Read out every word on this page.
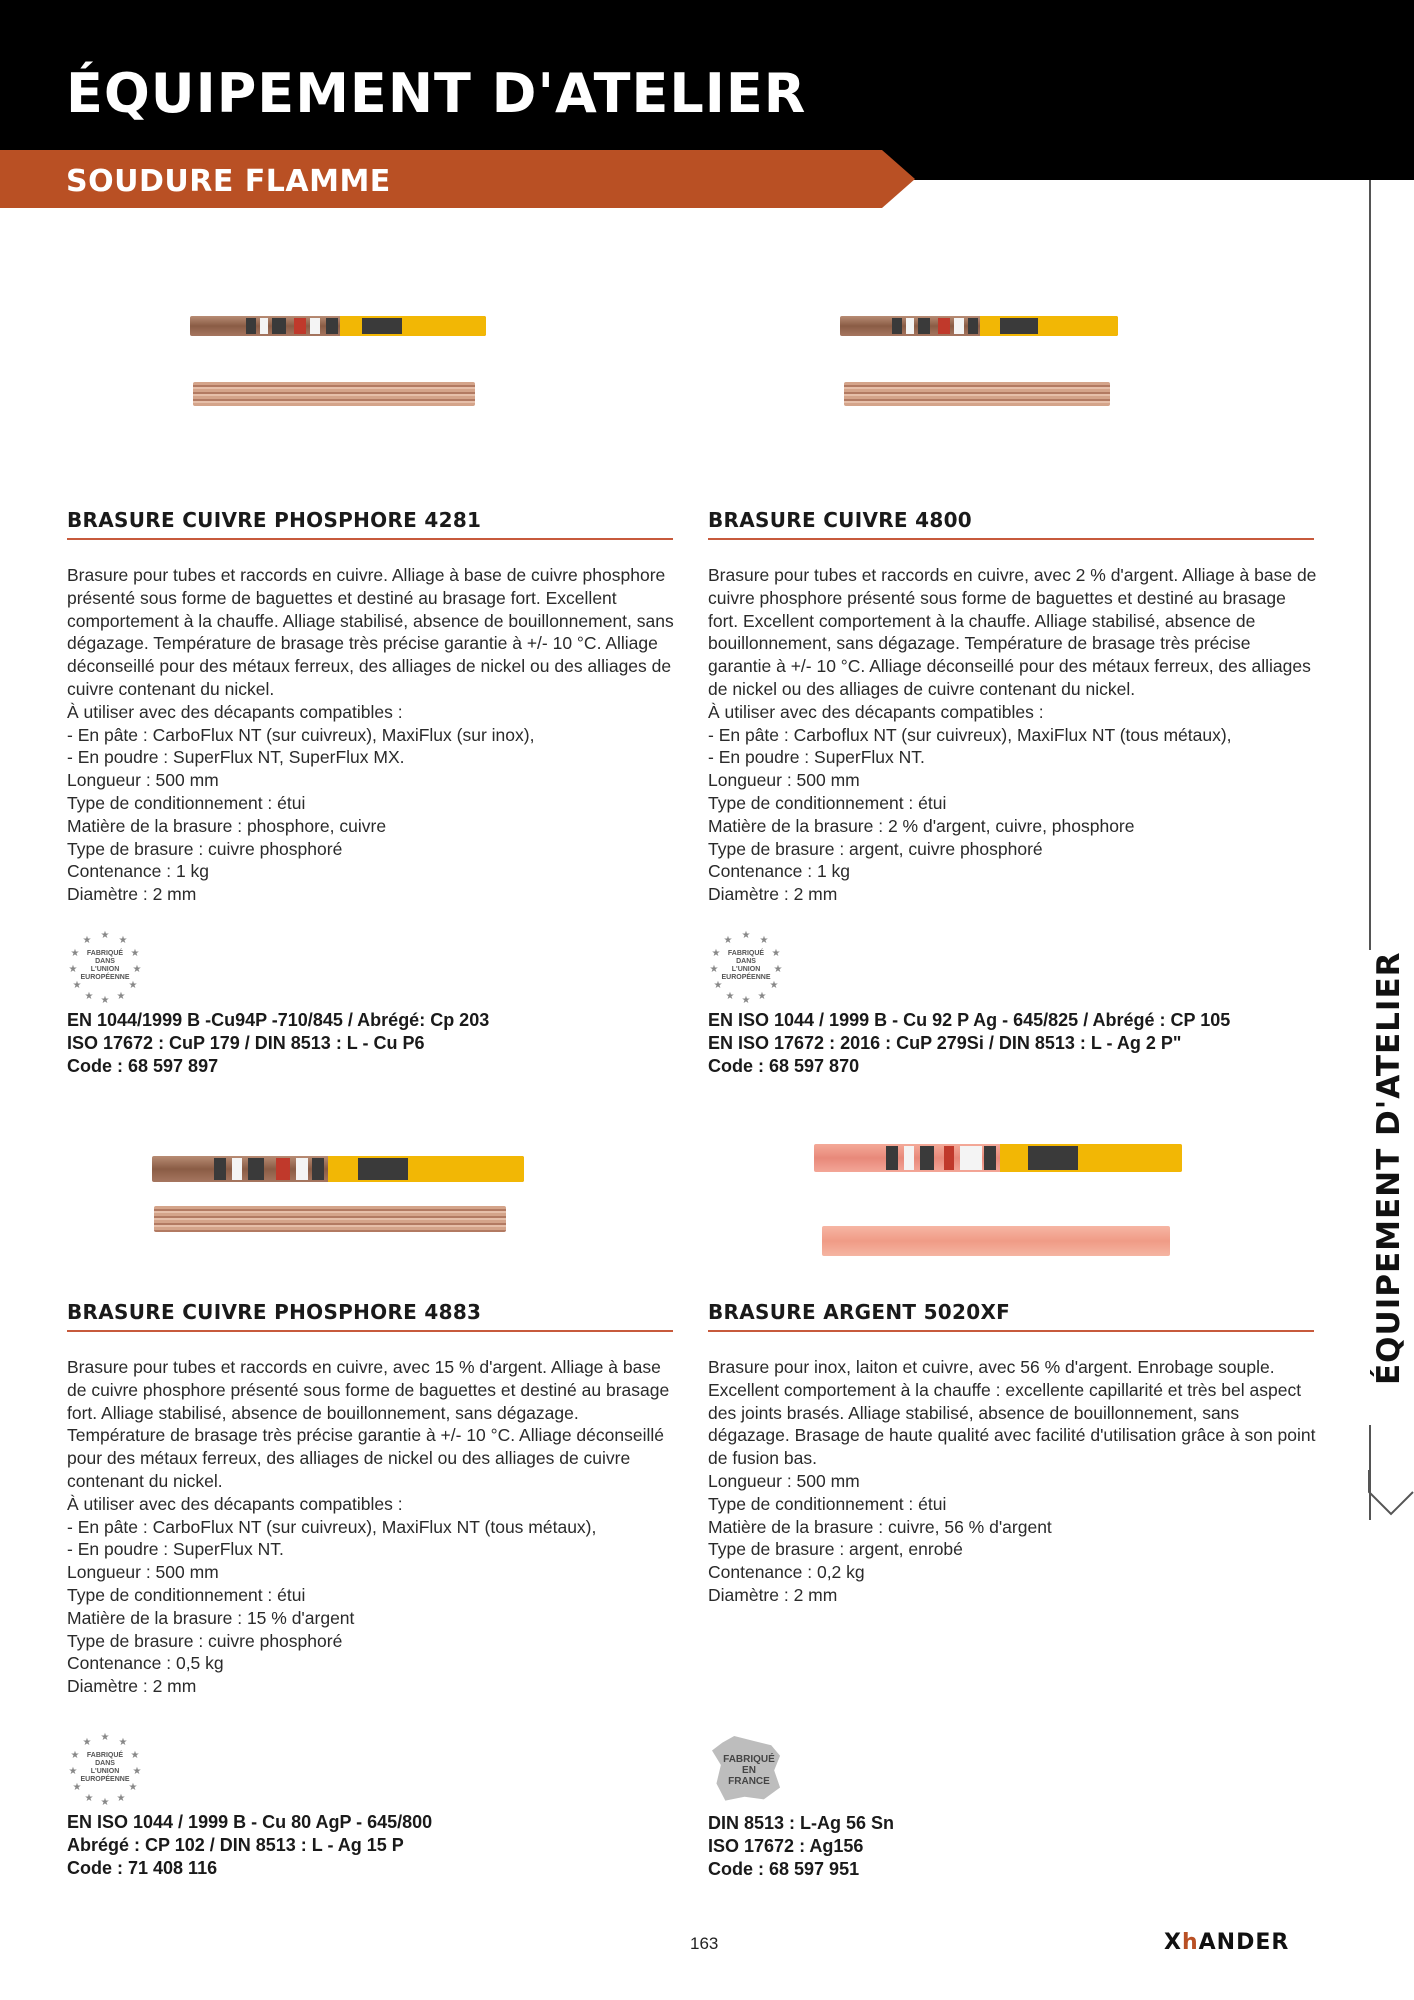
ÉQUIPEMENT D'ATELIER
SOUDURE FLAMME
ÉQUIPEMENT D'ATELIER
BRASURE CUIVRE PHOSPHORE 4281
Brasure pour tubes et raccords en cuivre. Alliage à base de cuivre phosphore présenté sous forme de baguettes et destiné au brasage fort. Excellent comportement à la chauffe. Alliage stabilisé, absence de bouillonnement, sans dégazage. Température de brasage très précise garantie à +/- 10 °C. Alliage déconseillé pour des métaux ferreux, des alliages de nickel ou des alliages de cuivre contenant du nickel.
À utiliser avec des décapants compatibles :
- En pâte : CarboFlux NT (sur cuivreux), MaxiFlux (sur inox),
- En poudre : SuperFlux NT, SuperFlux MX.
Longueur : 500 mm
Type de conditionnement : étui
Matière de la brasure : phosphore, cuivre
Type de brasure : cuivre phosphoré
Contenance : 1 kg
Diamètre : 2 mm
★ ★
★
★
★
★
★
★
★
★
★
★
FABRIQUÉ
DANS
L'UNION
EUROPÉENNE
EN 1044/1999 B -Cu94P -710/845 / Abrégé: Cp 203
ISO 17672 : CuP 179 / DIN 8513 : L - Cu P6
Code : 68 597 897
BRASURE CUIVRE 4800
Brasure pour tubes et raccords en cuivre, avec 2 % d'argent. Alliage à base de cuivre phosphore présenté sous forme de baguettes et destiné au brasage fort. Excellent comportement à la chauffe. Alliage stabilisé, absence de bouillonnement, sans dégazage. Température de brasage très précise garantie à +/- 10 °C. Alliage déconseillé pour des métaux ferreux, des alliages de nickel ou des alliages de cuivre contenant du nickel.
À utiliser avec des décapants compatibles :
- En pâte : Carboflux NT (sur cuivreux), MaxiFlux NT (tous métaux),
- En poudre : SuperFlux NT.
Longueur : 500 mm
Type de conditionnement : étui
Matière de la brasure : 2 % d'argent, cuivre, phosphore
Type de brasure : argent, cuivre phosphoré
Contenance : 1 kg
Diamètre : 2 mm
★ ★
★
★
★
★
★
★
★
★
★
★
FABRIQUÉ
DANS
L'UNION
EUROPÉENNE
EN ISO 1044 / 1999 B - Cu 92 P Ag - 645/825 / Abrégé : CP 105
EN ISO 17672 : 2016 : CuP 279Si / DIN 8513 : L - Ag 2 P"
Code : 68 597 870
BRASURE CUIVRE PHOSPHORE 4883
Brasure pour tubes et raccords en cuivre, avec 15 % d'argent. Alliage à base de cuivre phosphore présenté sous forme de baguettes et destiné au brasage fort. Alliage stabilisé, absence de bouillonnement, sans dégazage. Température de brasage très précise garantie à +/- 10 °C. Alliage déconseillé pour des métaux ferreux, des alliages de nickel ou des alliages de cuivre contenant du nickel.
À utiliser avec des décapants compatibles :
- En pâte : CarboFlux NT (sur cuivreux), MaxiFlux NT (tous métaux),
- En poudre : SuperFlux NT.
Longueur : 500 mm
Type de conditionnement : étui
Matière de la brasure : 15 % d'argent
Type de brasure : cuivre phosphoré
Contenance : 0,5 kg
Diamètre : 2 mm
★ ★
★
★
★
★
★
★
★
★
★
★
FABRIQUÉ
DANS
L'UNION
EUROPÉENNE
EN ISO 1044 / 1999 B - Cu 80 AgP - 645/800
Abrégé : CP 102 / DIN 8513 : L - Ag 15 P
Code : 71 408 116
BRASURE ARGENT 5020XF
Brasure pour inox, laiton et cuivre, avec 56 % d'argent. Enrobage souple. Excellent comportement à la chauffe : excellente capillarité et très bel aspect des joints brasés. Alliage stabilisé, absence de bouillonnement, sans dégazage. Brasage de haute qualité avec facilité d'utilisation grâce à son point de fusion bas.
Longueur : 500 mm
Type de conditionnement : étui
Matière de la brasure : cuivre, 56 % d'argent
Type de brasure : argent, enrobé
Contenance : 0,2 kg
Diamètre : 2 mm
FABRIQUÉ
EN
FRANCE
DIN 8513 : L-Ag 56 Sn
ISO 17672 : Ag156
Code : 68 597 951
163	XhANDER
